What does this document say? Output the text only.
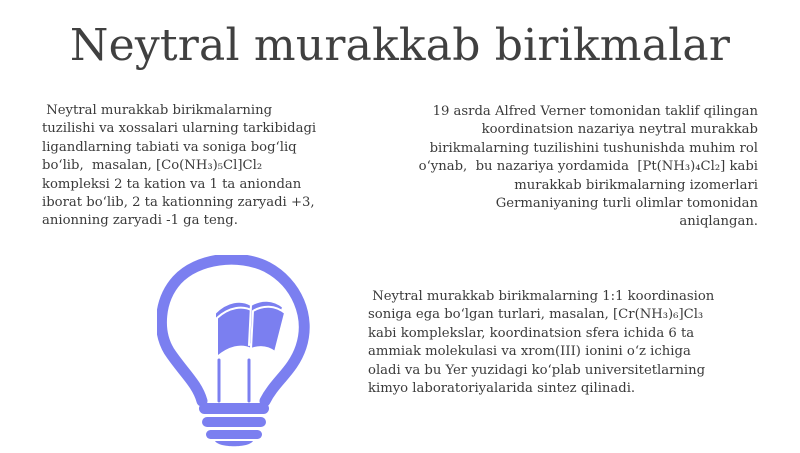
Neytral murakkab birikmalar

Neytral murakkab birikmalarning
tuzilishi va xossalari ularning tarkibidagi
ligandlarning tabiati va soniga bog‘liq
bo‘lib,  masalan, [Co(NH₃)₅Cl]Cl₂
kompleksi 2 ta kation va 1 ta aniondan
iborat bo‘lib, 2 ta kationning zaryadi +3,
anionning zaryadi -1 ga teng.

19 asrda Alfred Verner tomonidan taklif qilingan
koordinatsion nazariya neytral murakkab
birikmalarning tuzilishini tushunishda muhim rol
o‘ynab,  bu nazariya yordamida  [Pt(NH₃)₄Cl₂] kabi
murakkab birikmalarning izomerlari
Germaniyaning turli olimlar tomonidan
aniqlangan.

Neytral murakkab birikmalarning 1:1 koordinasion
soniga ega bo‘lgan turlari, masalan, [Cr(NH₃)₆]Cl₃
kabi komplekslar, koordinatsion sfera ichida 6 ta
ammiak molekulasi va xrom(III) ionini o‘z ichiga
oladi va bu Yer yuzidagi ko‘plab universitetlarning
kimyo laboratoriyalarida sintez qilinadi.
